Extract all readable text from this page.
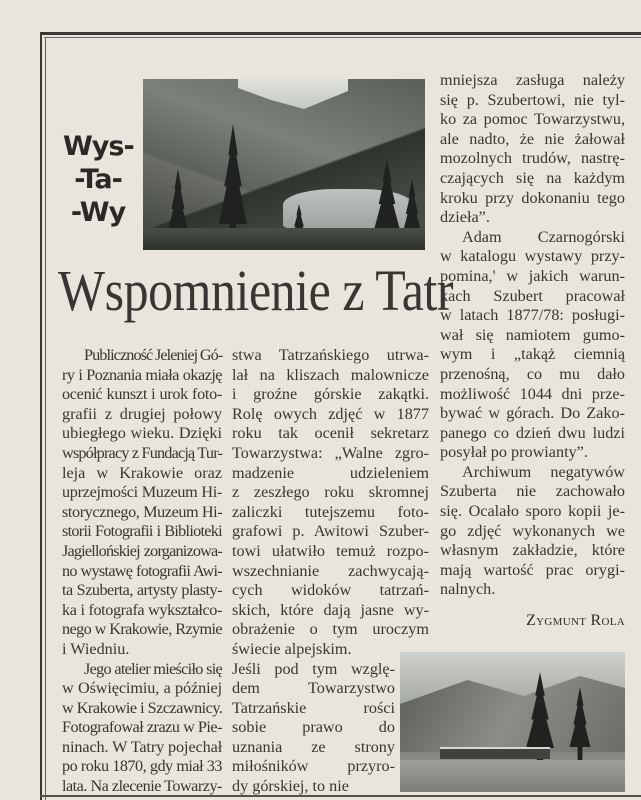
Wys-
-Ta-
-Wy
Wspomnienie z Tatr
Publiczność Jeleniej Gó-
ry i Poznania miała okazję
ocenić kunszt i urok foto-
grafii z drugiej połowy
ubiegłego wieku. Dzięki
współpracy z Fundacją Tur-
leja w Krakowie oraz
uprzejmości Muzeum Hi-
storycznego, Muzeum Hi-
storii Fotografii i Biblioteki
Jagiellońskiej zorganizowa-
no wystawę fotografii Awi-
ta Szuberta, artysty plasty-
ka i fotografa wykształco-
nego w Krakowie, Rzymie
i Wiedniu.
Jego atelier mieściło się
w Oświęcimiu, a później
w Krakowie i Szczawnicy.
Fotografował zrazu w Pie-
ninach. W Tatry pojechał
po roku 1870, gdy miał 33
lata. Na zlecenie Towarzy-
stwa Tatrzańskiego utrwa-
lał na kliszach malownicze
i groźne górskie zakątki.
Rolę owych zdjęć w 1877
roku tak ocenił sekretarz
Towarzystwa: „Walne zgro-
madzenie udzieleniem
z zeszłego roku skromnej
zaliczki tutejszemu foto-
grafowi p. Awitowi Szuber-
towi ułatwiło temuż rozpo-
wszechnianie zachwycają-
cych widoków tatrzań-
skich, które dają jasne wy-
obrażenie o tym uroczym
świecie alpejskim.
Jeśli pod tym wzglę-
dem Towarzystwo
Tatrzańskie rości
sobie prawo do
uznania ze strony
miłośników przyro-
dy górskiej, to nie
mniejsza zasługa należy
się p. Szubertowi, nie tyl-
ko za pomoc Towarzystwu,
ale nadto, że nie żałował
mozolnych trudów, nastrę-
czających się na każdym
kroku przy dokonaniu tego
dzieła”.
Adam Czarnogórski
w katalogu wystawy przy-
pomina,' w jakich warun-
kach Szubert pracował
w latach 1877/78: posługi-
wał się namiotem gumo-
wym i „takąż ciemnią
przenośną, co mu dało
możliwość 1044 dni prze-
bywać w górach. Do Zako-
panego co dzień dwu ludzi
posyłał po prowianty”.
Archiwum negatywów
Szuberta nie zachowało
się. Ocalało sporo kopii je-
go zdjęć wykonanych we
własnym zakładzie, które
mają wartość prac orygi-
nalnych.
Zygmunt Rola
